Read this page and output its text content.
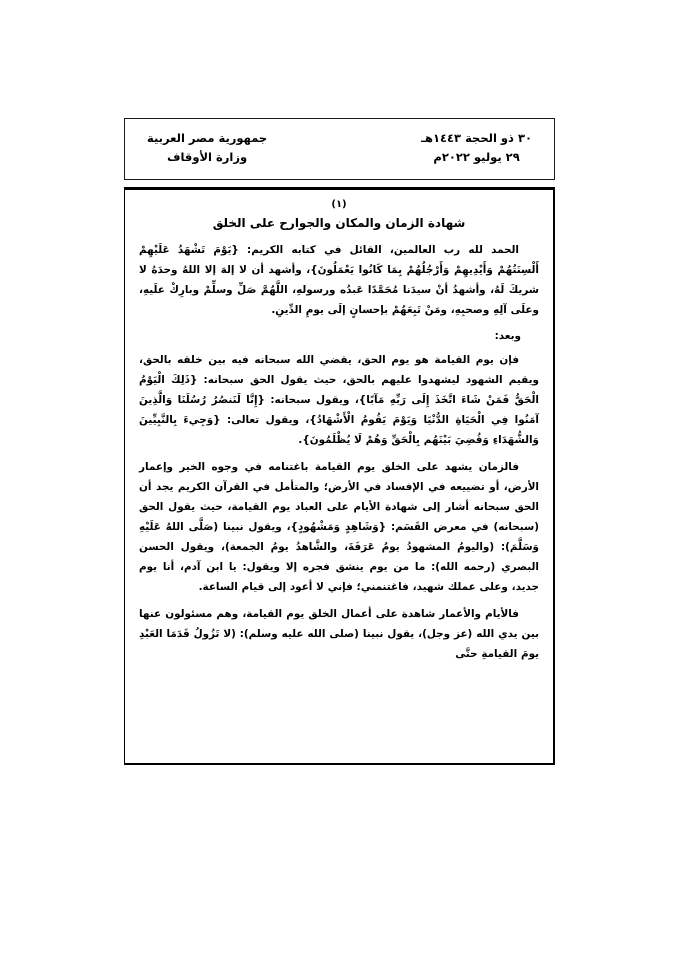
جمهورية مصر العربية
وزارة الأوقاف
٣٠ ذو الحجة ١٤٤٣هـ
٢٩ يوليو ٢٠٢٢م
(١)
شهادة الزمان والمكان والجوارح على الخلق

الحمد لله رب العالمين، القائل في كتابه الكريم: {يَوْمَ تَشْهَدُ عَلَيْهِمْ أَلْسِنَتُهُمْ وَأَيْدِيهِمْ وَأَرْجُلُهُمْ بِمَا كَانُوا يَعْمَلُونَ}، وأشهد أن لا إلهَ إلا اللهُ وحدَهُ لا شريكَ لَهُ، وأشهدُ أنْ سيدَنا مُحَمَّدًا عَبدُه ورسولهِ، اللَّهُمَّ صَلِّ وسلِّمْ وبارِكْ علَيهِ، وعلَى آلِهِ وصحبِهِ، ومَنْ تَبِعَهُمْ بإحسانٍ إلَى يومِ الدِّينِ.

وبعد:

فإن يوم القيامة هو يوم الحق، يقضي الله سبحانه فيه بين خلقه بالحق، ويقيم الشهود ليشهدوا عليهم بالحق، حيث يقول الحق سبحانه: {ذَلِكَ الْيَوْمُ الْحَقُّ فَمَنْ شَاءَ اتَّخَذَ إِلَى رَبِّهِ مَآبًا}، ويقول سبحانه: {إِنَّا لَنَنصُرُ رُسُلَنَا وَالَّذِينَ آمَنُوا فِي الْحَيَاةِ الدُّنْيَا وَيَوْمَ يَقُومُ الْأَشْهَادُ}، ويقول تعالى: {وَجِيءَ بِالنَّبِيِّينَ وَالشُّهَدَاءِ وَقُضِيَ بَيْنَهُم بِالْحَقِّ وَهُمْ لَا يُظْلَمُونَ}.

فالزمان يشهد على الخلق يوم القيامة باغتنامه في وجوه الخير وإعمار الأرض، أو تضييعه في الإفساد في الأرض؛ والمتأمل في القرآن الكريم يجد أن الحق سبحانه أشار إلى شهادة الأيام على العباد يوم القيامة، حيث يقول الحق (سبحانه) في معرض القَسَم: {وَشَاهِدٍ وَمَشْهُودٍ}، ويقول نبينا (صَلَّى اللهُ عَلَيْهِ وَسَلَّمَ): (واليومُ المشهودُ يومُ عَرَفَةَ، والشَّاهدُ يومُ الجمعة)، ويقول الحسن البصري (رحمه الله): ما من يوم ينشق فجره إلا ويقول: يا ابن آدم، أنا يوم جديد، وعلى عملك شهيد، فاغتنمني؛ فإني لا أعود إلى قيام الساعة.

فالأيام والأعمار شاهدة على أعمال الخلق يوم القيامة، وهم مسئولون عنها بين يدي الله (عز وجل)، يقول نبينا (صلى الله عليه وسلم): (لا تَزُولُ قَدَمَا العَبْدِ يومَ القيامةِ حتَّى
